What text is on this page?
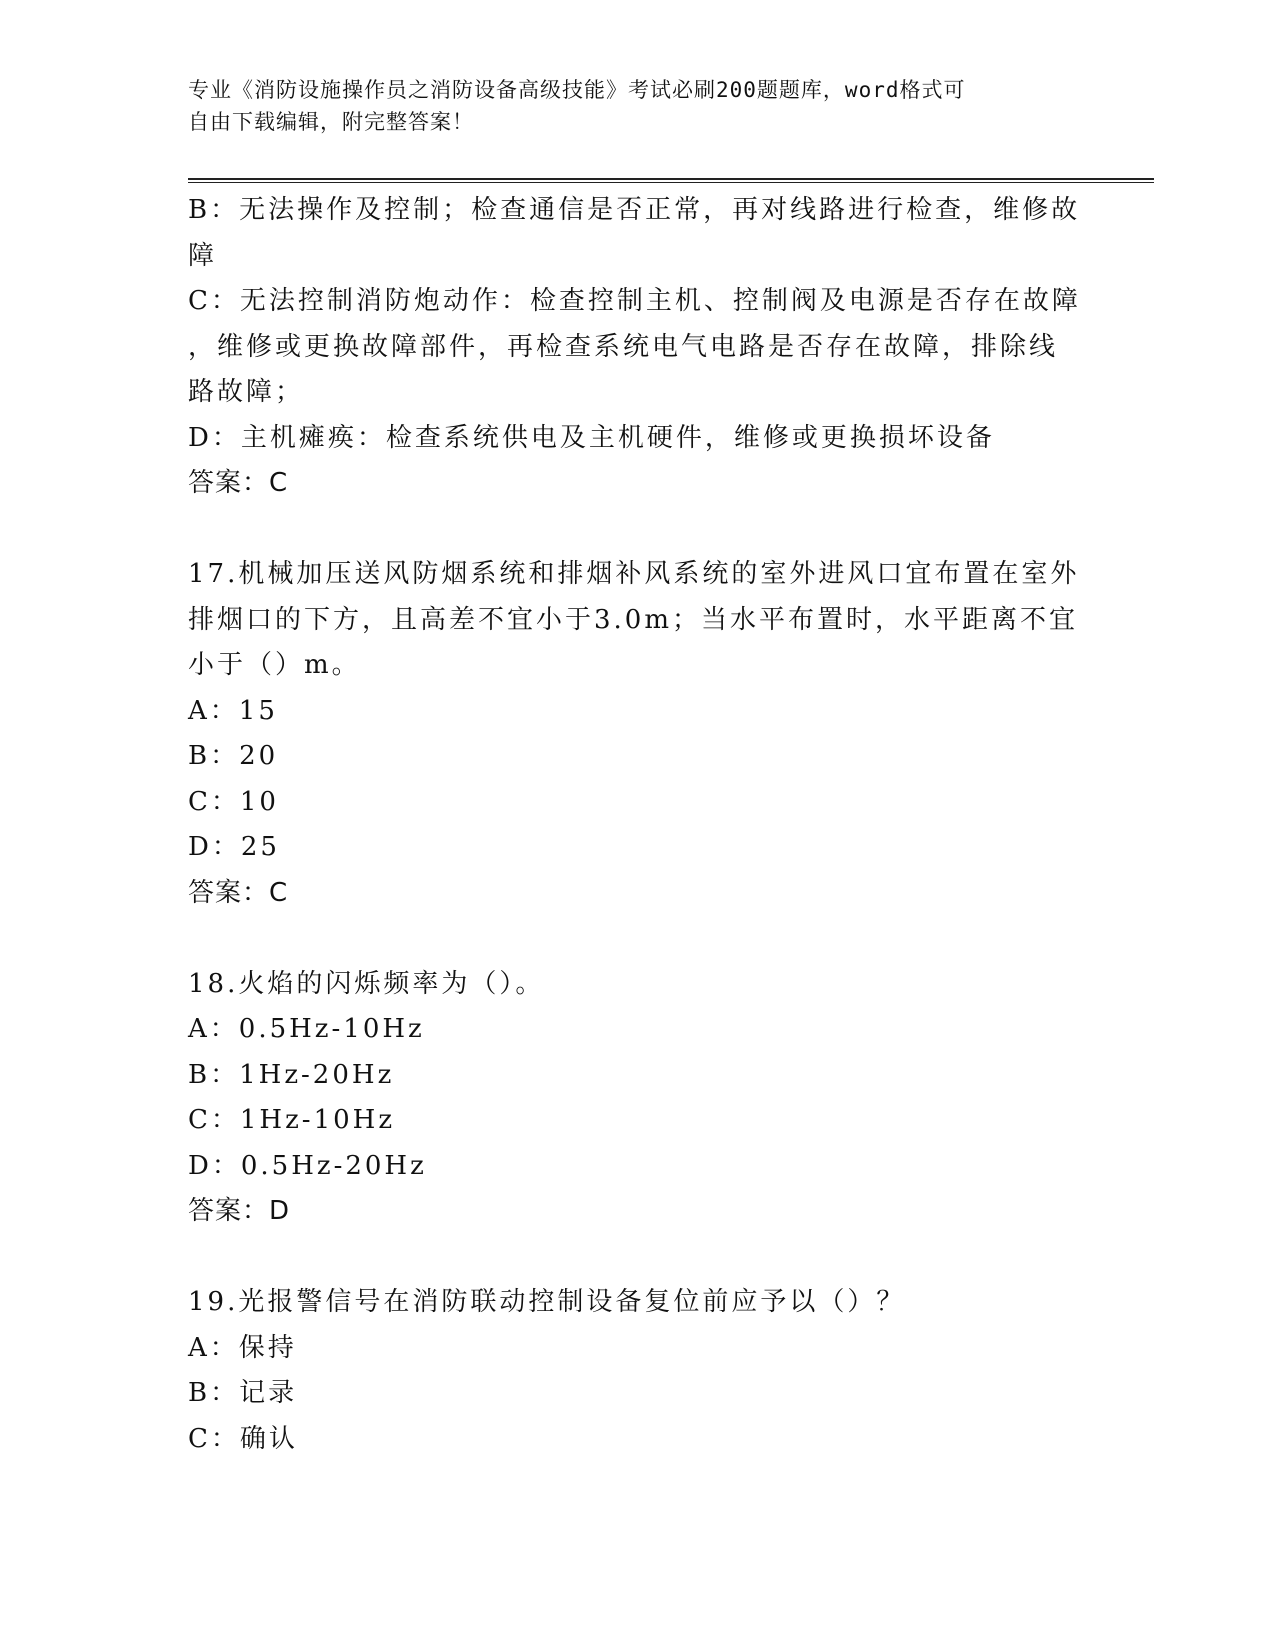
专业《消防设施操作员之消防设备高级技能》考试必刷200题题库，word格式可
自由下载编辑，附完整答案！
B：无法操作及控制；检查通信是否正常，再对线路进行检查，维修故
障
C：无法控制消防炮动作：检查控制主机、控制阀及电源是否存在故障
，维修或更换故障部件，再检查系统电气电路是否存在故障，排除线
路故障；
D：主机瘫痪：检查系统供电及主机硬件，维修或更换损坏设备
答案：C
17.机械加压送风防烟系统和排烟补风系统的室外进风口宜布置在室外
排烟口的下方，且高差不宜小于3.0m；当水平布置时，水平距离不宜
小于（）m。
A：15
B：20
C：10
D：25
答案：C
18.火焰的闪烁频率为（）。
A：0.5Hz-10Hz
B：1Hz-20Hz
C：1Hz-10Hz
D：0.5Hz-20Hz
答案：D
19.光报警信号在消防联动控制设备复位前应予以（）？
A：保持
B：记录
C：确认
